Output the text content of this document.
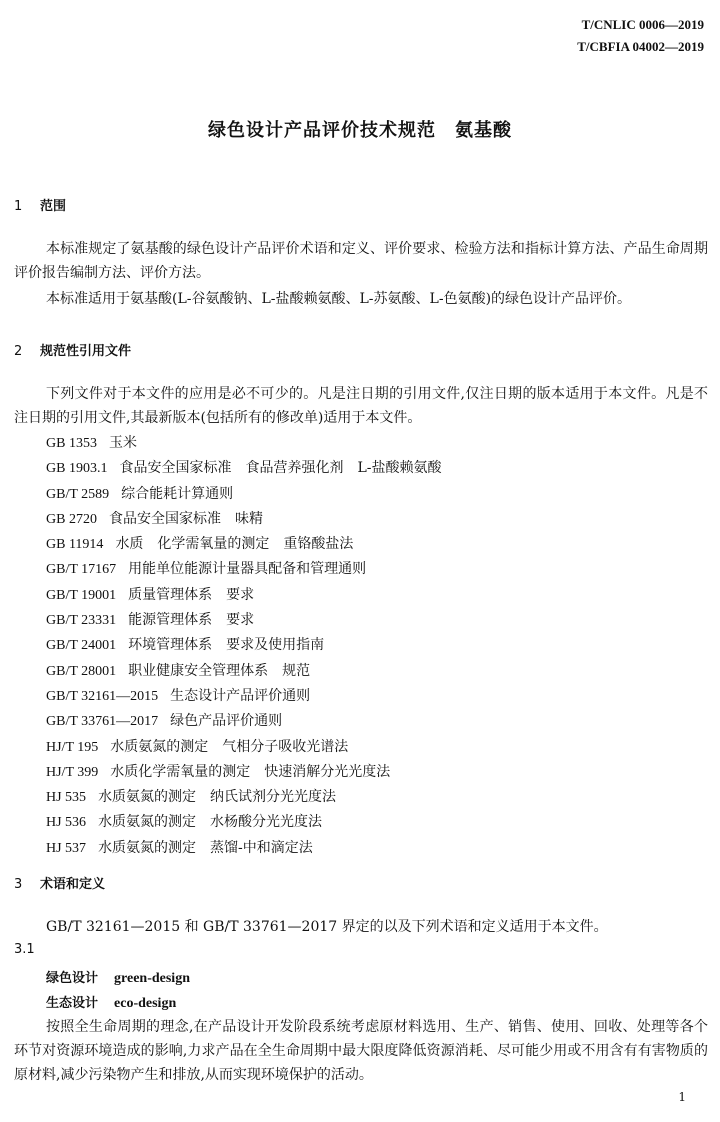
T/CNLIC 0006—2019
T/CBFIA 04002—2019
绿色设计产品评价技术规范　氨基酸
1 范围
本标准规定了氨基酸的绿色设计产品评价术语和定义、评价要求、检验方法和指标计算方法、产品生命周期评价报告编制方法、评价方法。
本标准适用于氨基酸(L-谷氨酸钠、L-盐酸赖氨酸、L-苏氨酸、L-色氨酸)的绿色设计产品评价。
2 规范性引用文件
下列文件对于本文件的应用是必不可少的。凡是注日期的引用文件,仅注日期的版本适用于本文件。凡是不注日期的引用文件,其最新版本(包括所有的修改单)适用于本文件。
GB 1353 玉米
GB 1903.1 食品安全国家标准　食品营养强化剂　L-盐酸赖氨酸
GB/T 2589 综合能耗计算通则
GB 2720 食品安全国家标准　味精
GB 11914 水质　化学需氧量的测定　重铬酸盐法
GB/T 17167 用能单位能源计量器具配备和管理通则
GB/T 19001 质量管理体系　要求
GB/T 23331 能源管理体系　要求
GB/T 24001 环境管理体系　要求及使用指南
GB/T 28001 职业健康安全管理体系　规范
GB/T 32161—2015 生态设计产品评价通则
GB/T 33761—2017 绿色产品评价通则
HJ/T 195 水质氨氮的测定　气相分子吸收光谱法
HJ/T 399 水质化学需氧量的测定　快速消解分光光度法
HJ 535 水质氨氮的测定　纳氏试剂分光光度法
HJ 536 水质氨氮的测定　水杨酸分光光度法
HJ 537 水质氨氮的测定　蒸馏-中和滴定法
3 术语和定义
GB/T 32161—2015 和 GB/T 33761—2017 界定的以及下列术语和定义适用于本文件。
3.1
绿色设计 green-design
生态设计 eco-design
按照全生命周期的理念,在产品设计开发阶段系统考虑原材料选用、生产、销售、使用、回收、处理等各个环节对资源环境造成的影响,力求产品在全生命周期中最大限度降低资源消耗、尽可能少用或不用含有有害物质的原材料,减少污染物产生和排放,从而实现环境保护的活动。
1
